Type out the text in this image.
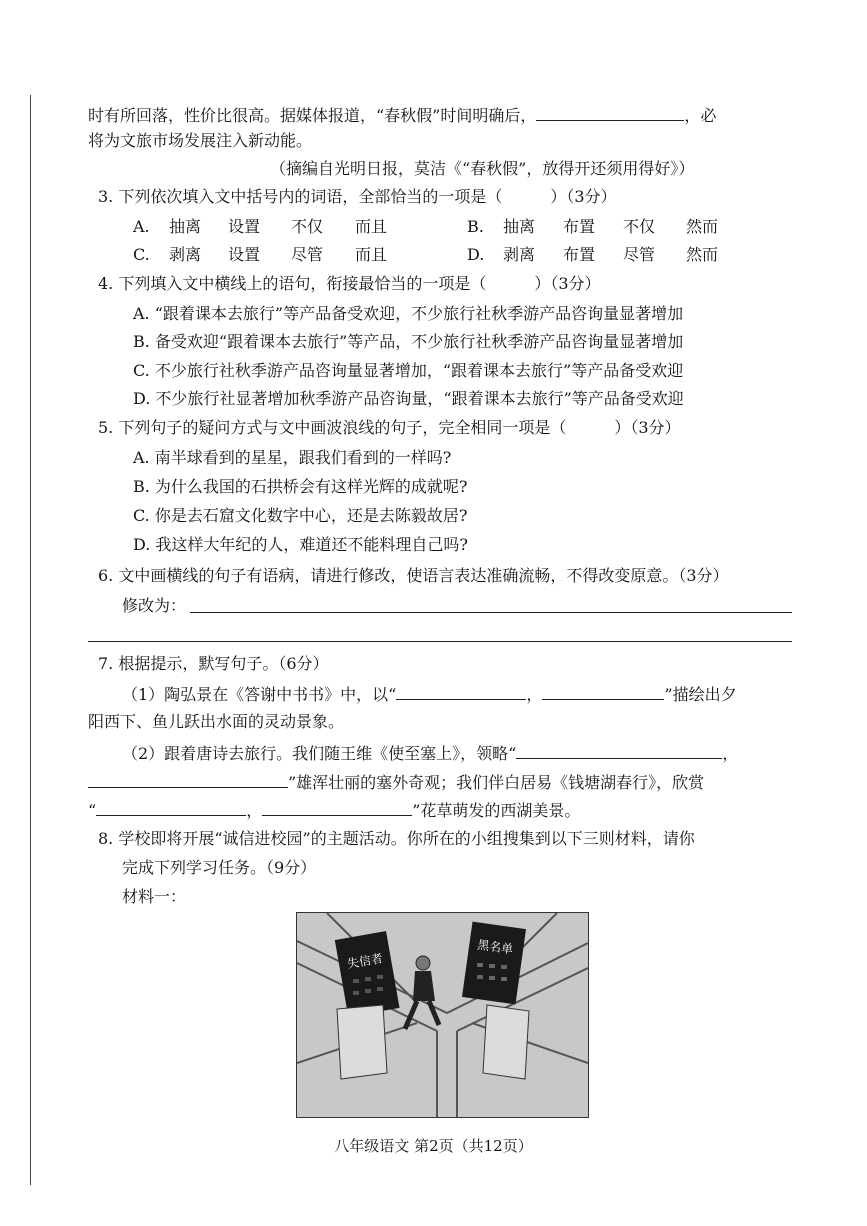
时有所回落，性价比很高。据媒体报道，“春秋假”时间明确后，	，必
将为文旅市场发展注入新动能。
（摘编自光明日报，莫洁《“春秋假”，放得开还须用得好》）
3. 下列依次填入文中括号内的词语，全部恰当的一项是（	）（3分）
A. 抽离 设置 不仅 而且	B. 抽离 布置 不仅 然而
C. 剥离 设置 尽管 而且	D. 剥离 布置 尽管 然而
4. 下列填入文中横线上的语句，衔接最恰当的一项是（	）（3分）
A. “跟着课本去旅行”等产品备受欢迎，不少旅行社秋季游产品咨询量显著增加
B. 备受欢迎“跟着课本去旅行”等产品，不少旅行社秋季游产品咨询量显著增加
C. 不少旅行社秋季游产品咨询量显著增加，“跟着课本去旅行”等产品备受欢迎
D. 不少旅行社显著增加秋季游产品咨询量，“跟着课本去旅行”等产品备受欢迎
5. 下列句子的疑问方式与文中画波浪线的句子，完全相同一项是（	）（3分）
A. 南半球看到的星星，跟我们看到的一样吗?
B. 为什么我国的石拱桥会有这样光辉的成就呢?
C. 你是去石窟文化数字中心，还是去陈毅故居?
D. 我这样大年纪的人，难道还不能料理自己吗?
6. 文中画横线的句子有语病，请进行修改，使语言表达准确流畅，不得改变原意。（3分）
修改为：
7. 根据提示，默写句子。（6分）
（1）陶弘景在《答谢中书书》中，以“	，	”描绘出夕
阳西下、鱼儿跃出水面的灵动景象。
（2）跟着唐诗去旅行。我们随王维《使至塞上》，领略“	，
”雄浑壮丽的塞外奇观；我们伴白居易《钱塘湖春行》，欣赏
“	，	”花草萌发的西湖美景。
8. 学校即将开展“诚信进校园”的主题活动。你所在的小组搜集到以下三则材料，请你
完成下列学习任务。（9分）
材料一：
失信者
黑名单
八年级语文 第2页（共12页）
